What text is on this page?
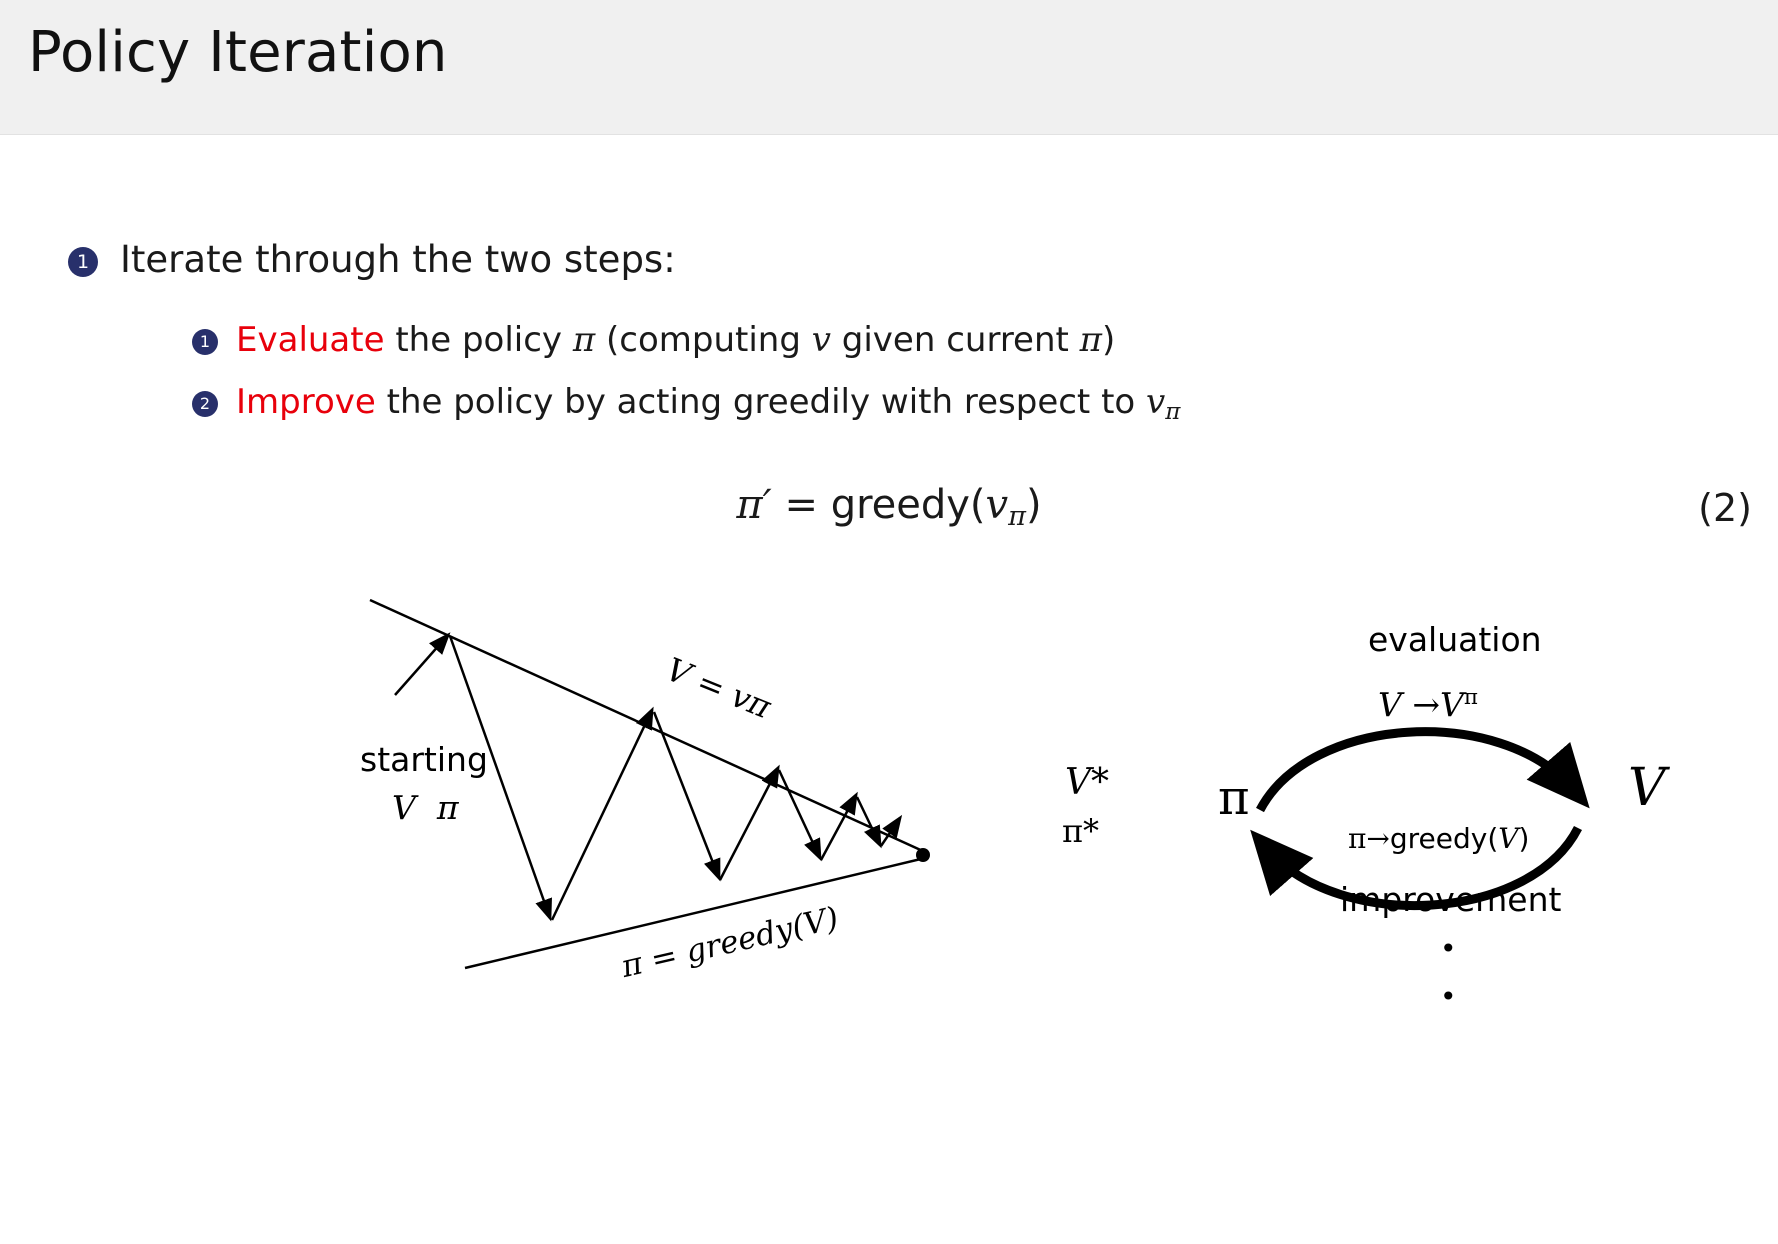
Policy Iteration
1 Iterate through the two steps:
1 Evaluate the policy π (computing v given current π)
2 Improve the policy by acting greedily with respect to $v_\pi$
$\pi' = greedy(v_\pi)$	(2)
starting
V π
V = vπ
π = greedy(V)
V*
π*
evaluation
$V \to V^\pi$
π	V
π→greedy(V)
improvement
•
•
